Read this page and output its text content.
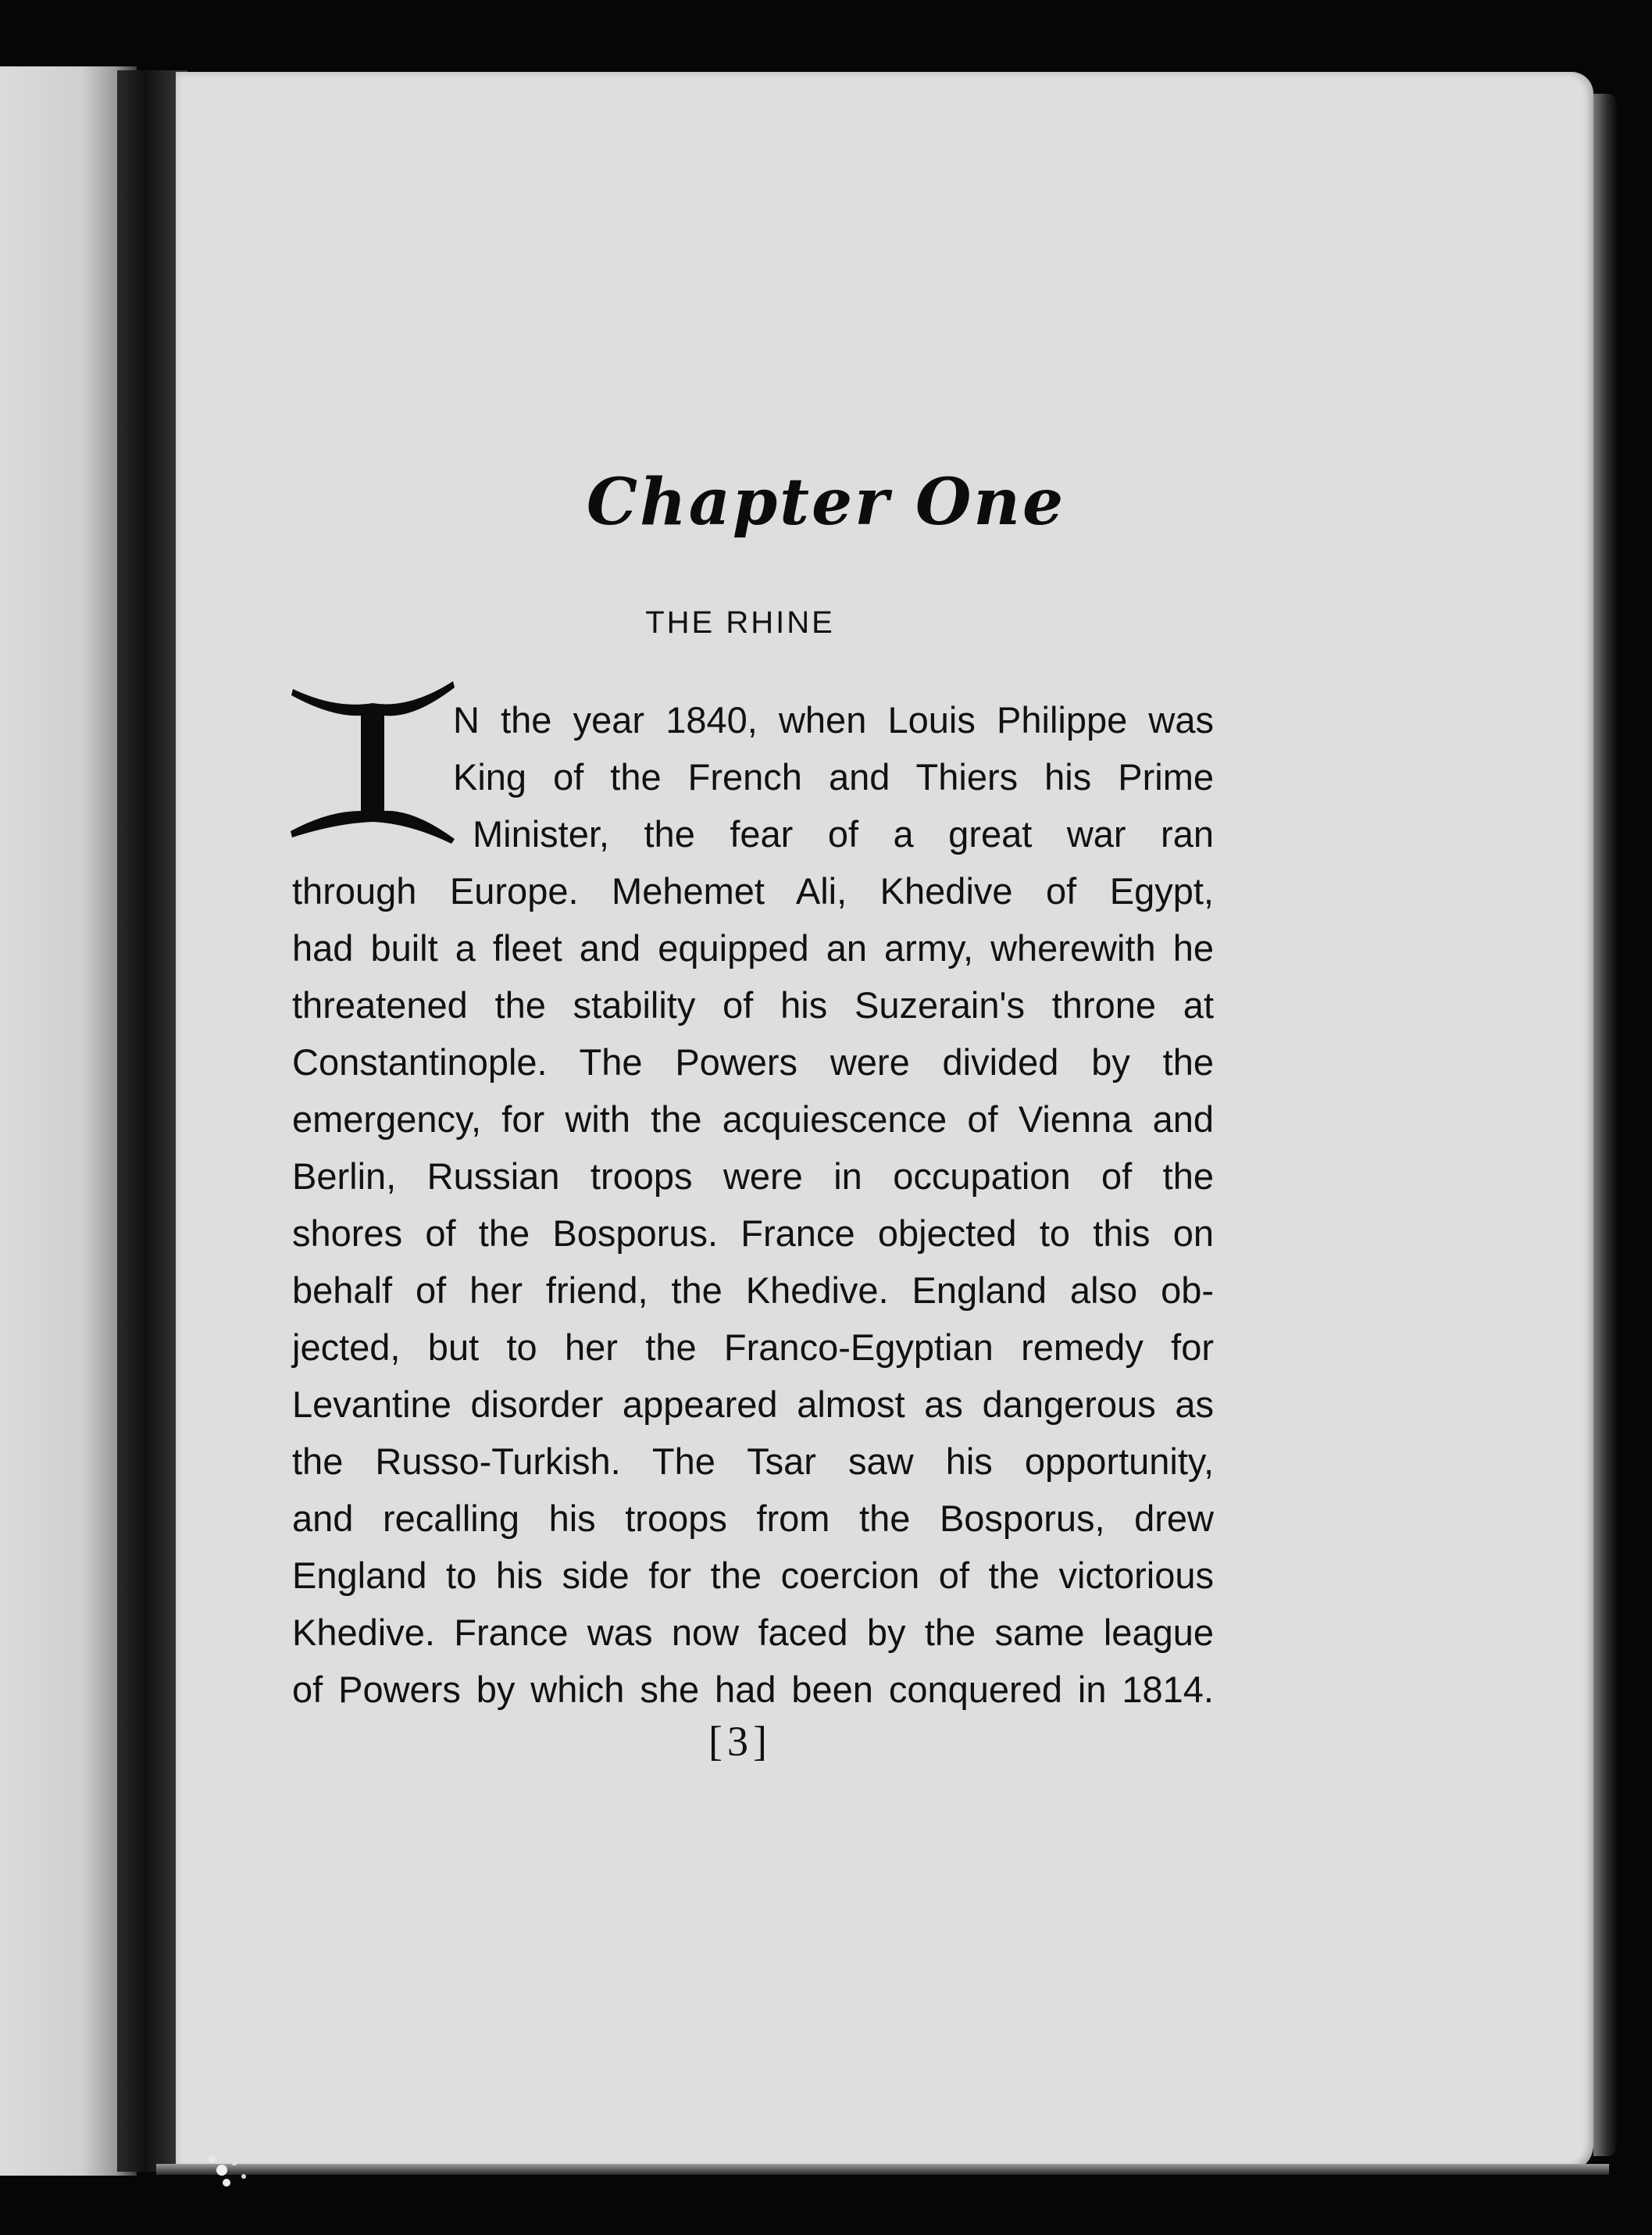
Chapter One
THE RHINE

N the year 1840, when Louis Philippe was

King of the French and Thiers his Prime

Minister, the fear of a great war ran

through Europe. Mehemet Ali, Khedive of Egypt,

had built a fleet and equipped an army, wherewith he

threatened the stability of his Suzerain's throne at

Constantinople. The Powers were divided by the

emergency, for with the acquiescence of Vienna and

Berlin, Russian troops were in occupation of the

shores of the Bosporus. France objected to this on

behalf of her friend, the Khedive. England also ob-

jected, but to her the Franco-Egyptian remedy for

Levantine disorder appeared almost as dangerous as

the Russo-Turkish. The Tsar saw his opportunity,

and recalling his troops from the Bosporus, drew

England to his side for the coercion of the victorious

Khedive. France was now faced by the same league

of Powers by which she had been conquered in 1814.

[3]
